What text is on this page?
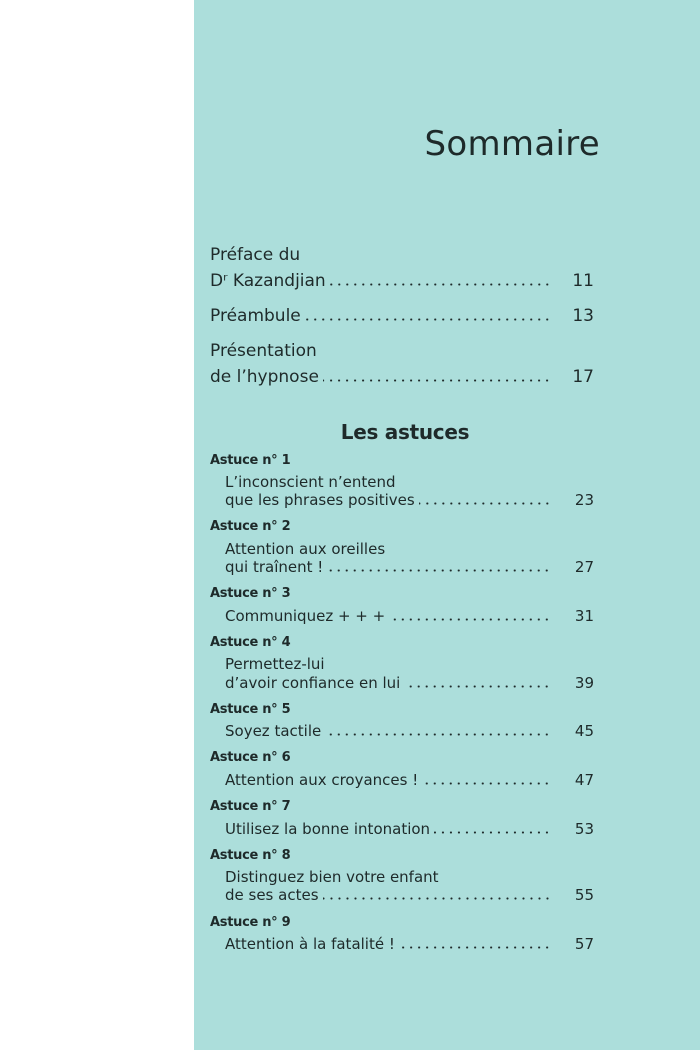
Sommaire
Les astuces
Préface du
Dʳ Kazandjian	11
Préambule	13
Présentation
de l’hypnose	17
Astuce n° 1
L’inconscient n’entend
que les phrases positives	23
Astuce n° 2
Attention aux oreilles
qui traînent !	27
Astuce n° 3
Communiquez + + +	31
Astuce n° 4
Permettez-lui
d’avoir confiance en lui	39
Astuce n° 5
Soyez tactile	45
Astuce n° 6
Attention aux croyances !	47
Astuce n° 7
Utilisez la bonne intonation	53
Astuce n° 8
Distinguez bien votre enfant
de ses actes	55
Astuce n° 9
Attention à la fatalité !	57
